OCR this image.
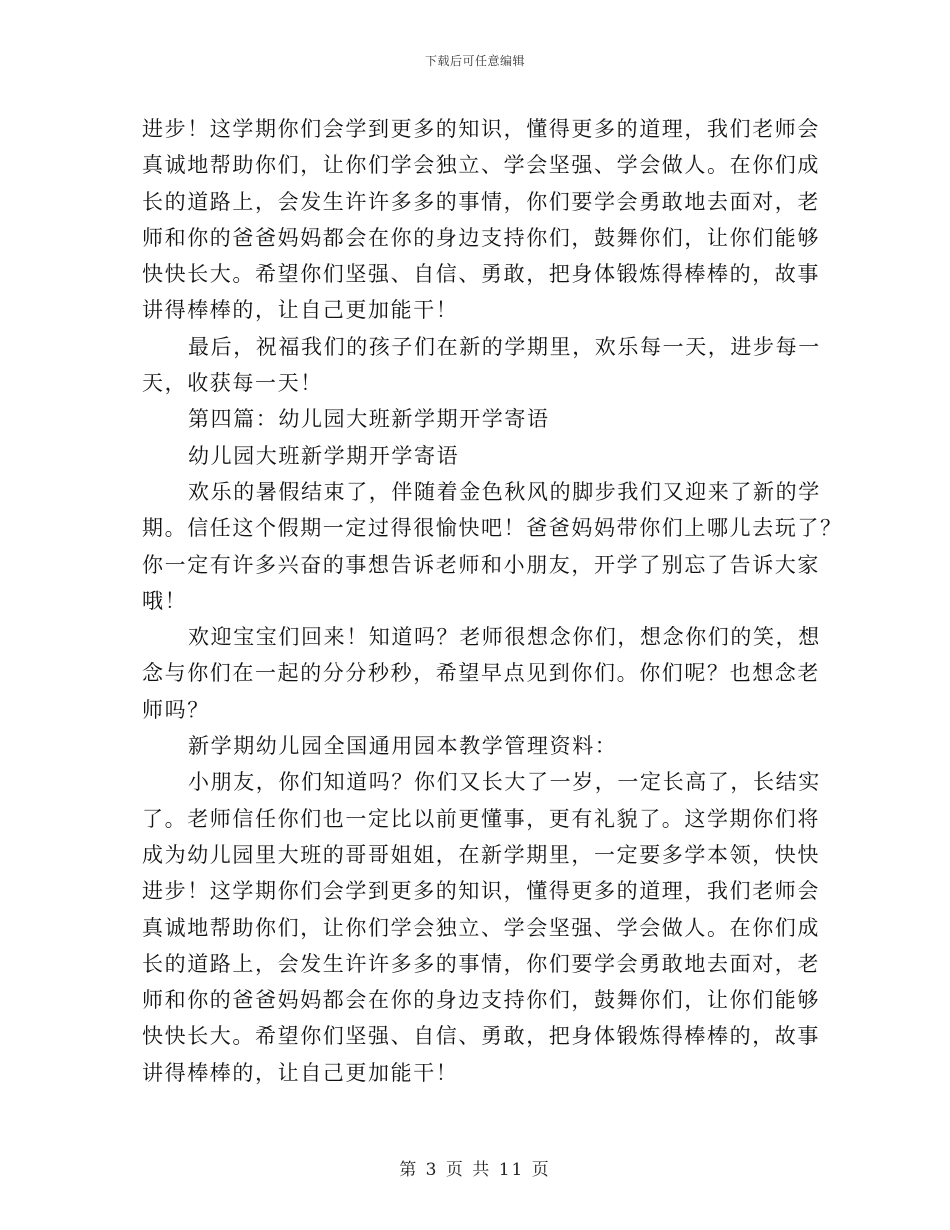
下载后可任意编辑
进步！这学期你们会学到更多的知识，懂得更多的道理，我们老师会
真诚地帮助你们，让你们学会独立、学会坚强、学会做人。在你们成
长的道路上，会发生许许多多的事情，你们要学会勇敢地去面对，老
师和你的爸爸妈妈都会在你的身边支持你们，鼓舞你们，让你们能够
快快长大。希望你们坚强、自信、勇敢，把身体锻炼得棒棒的，故事
讲得棒棒的，让自己更加能干！
最后，祝福我们的孩子们在新的学期里，欢乐每一天，进步每一
天，收获每一天！
第四篇：幼儿园大班新学期开学寄语
幼儿园大班新学期开学寄语
欢乐的暑假结束了，伴随着金色秋风的脚步我们又迎来了新的学
期。信任这个假期一定过得很愉快吧！爸爸妈妈带你们上哪儿去玩了？
你一定有许多兴奋的事想告诉老师和小朋友，开学了别忘了告诉大家
哦！
欢迎宝宝们回来！知道吗？老师很想念你们，想念你们的笑，想
念与你们在一起的分分秒秒，希望早点见到你们。你们呢？也想念老
师吗？
新学期幼儿园全国通用园本教学管理资料：
小朋友，你们知道吗？你们又长大了一岁，一定长高了，长结实
了。老师信任你们也一定比以前更懂事，更有礼貌了。这学期你们将
成为幼儿园里大班的哥哥姐姐，在新学期里，一定要多学本领，快快
进步！这学期你们会学到更多的知识，懂得更多的道理，我们老师会
真诚地帮助你们，让你们学会独立、学会坚强、学会做人。在你们成
长的道路上，会发生许许多多的事情，你们要学会勇敢地去面对，老
师和你的爸爸妈妈都会在你的身边支持你们，鼓舞你们，让你们能够
快快长大。希望你们坚强、自信、勇敢，把身体锻炼得棒棒的，故事
讲得棒棒的，让自己更加能干！
第 3 页 共 11 页
